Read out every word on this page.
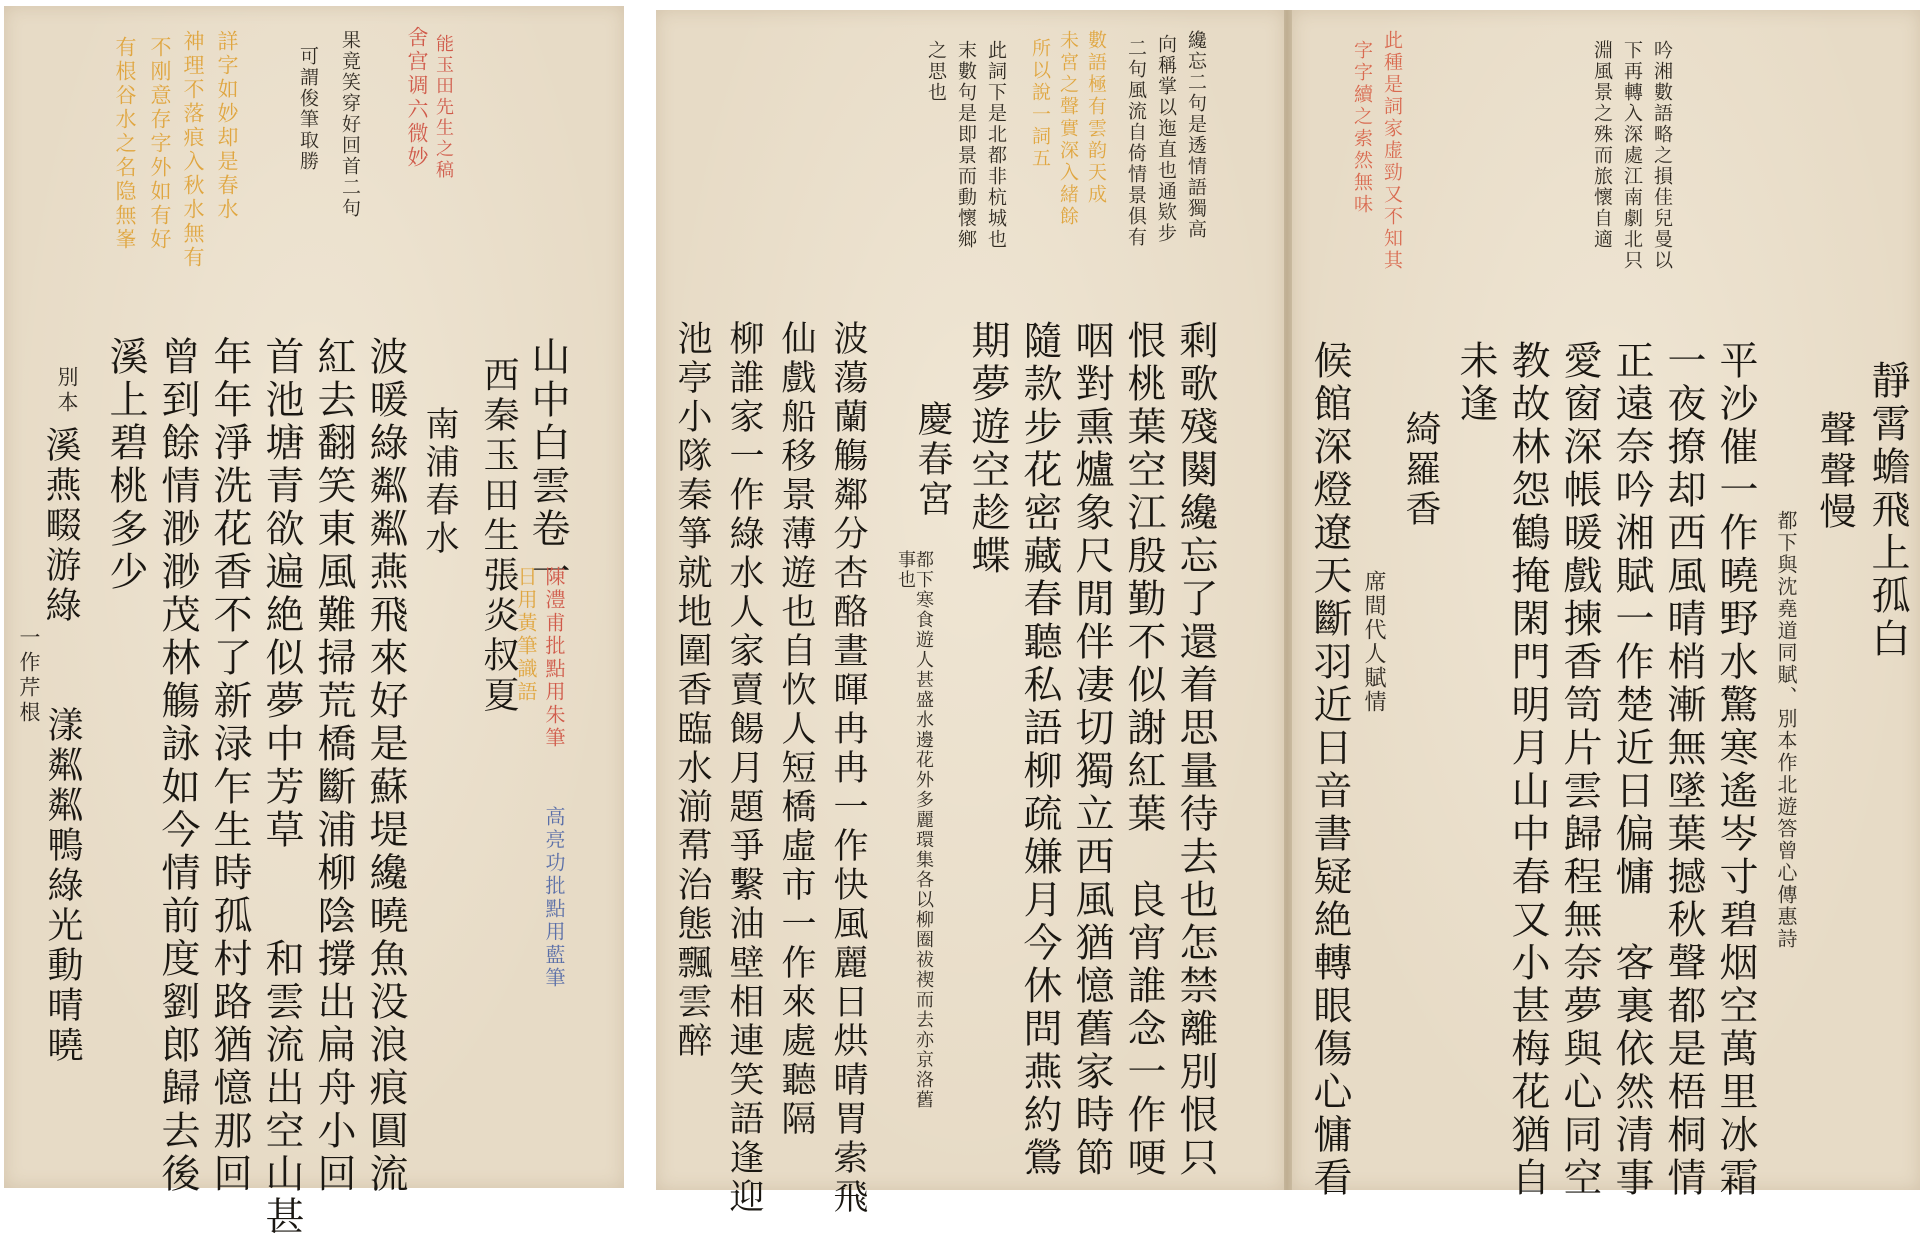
舍宫调六微妙 能玉田先生之稿
果竟笑穿好回首二句
可謂俊筆取勝
詳字如妙却是春水
神理不落痕入秋水無有
不刚意存字外如有好
有根谷水之名隐無峯
山中白雲卷一
西秦玉田生張炎叔夏 陳澧甫批點用朱筆
日用黃筆識語
高亮功批點用藍筆
南浦春水
波暖綠粼粼燕飛來好是蘇堤纔曉魚没浪痕圓流
紅去翻笑東風難掃荒橋斷浦柳陰撐出扁舟小回
首池塘青欲遍絶似夢中芳草　　和雲流出空山甚
年年淨洗花香不了新渌乍生時孤村路猶憶那回
曾到餘情渺渺茂林觴詠如今情前度劉郎歸去後
溪上碧桃多少
別本
溪燕畷游綠
一作芹根
漾粼粼鴨綠光動晴曉
纔忘二句是透情語獨高
向稱掌以迤直也通欵步
二句風流自倚情景俱有
數語極有雲韵天成
未宮之聲實深入緒餘
所以說一詞五
此詞下是北都非杭城也
末數句是即景而動懷鄉
之思也
剩歌殘闋纔忘了還着思量待去也怎禁離別恨只
恨桃葉空江殷勤不似謝紅葉　良宵誰念一作哽
咽對熏爐象尺閒伴凄切獨立西風猶憶舊家時節
隨款步花密藏春聽私語柳疏嫌月今休問燕約鶯
期夢遊空趁蝶
慶春宮
都下寒食遊人甚盛水邊花外多麗環集各以柳圈祓禊而去亦京洛舊事也
波蕩蘭觴鄰分杏酪晝暉冉冉一作快風麗日烘晴胃索飛
仙戲船移景薄遊也自忺人短橋虛市一作來處聽隔
柳誰家一作綠水人家賣餳月題爭繫油壁相連笑語逢迎
池亭小隊秦箏就地圍香臨水湔帬治態飄雲醉
吟湘數語略之損佳兒曼以
下再轉入深處江南劇北只
淵風景之殊而旅懷自適
此種是詞家虚勁又不知其
字字續之索然無味
靜霄蟾飛上孤白
聲聲慢
都下與沈堯道同賦、別本作北遊答曾心傳惠詩
平沙催一作曉野水驚寒遙岑寸碧烟空萬里冰霜
一夜撩却西風晴梢漸無墜葉撼秋聲都是梧桐情
正遠奈吟湘賦一作楚近日偏慵　客裏依然清事
愛窗深帳暖戲揀香笥片雲歸程無奈夢與心同空
教故林怨鶴掩閑門明月山中春又小甚梅花猶自
未逢
綺羅香
席間代人賦情
候館深燈遼天斷羽近日音書疑絶轉眼傷心慵看
